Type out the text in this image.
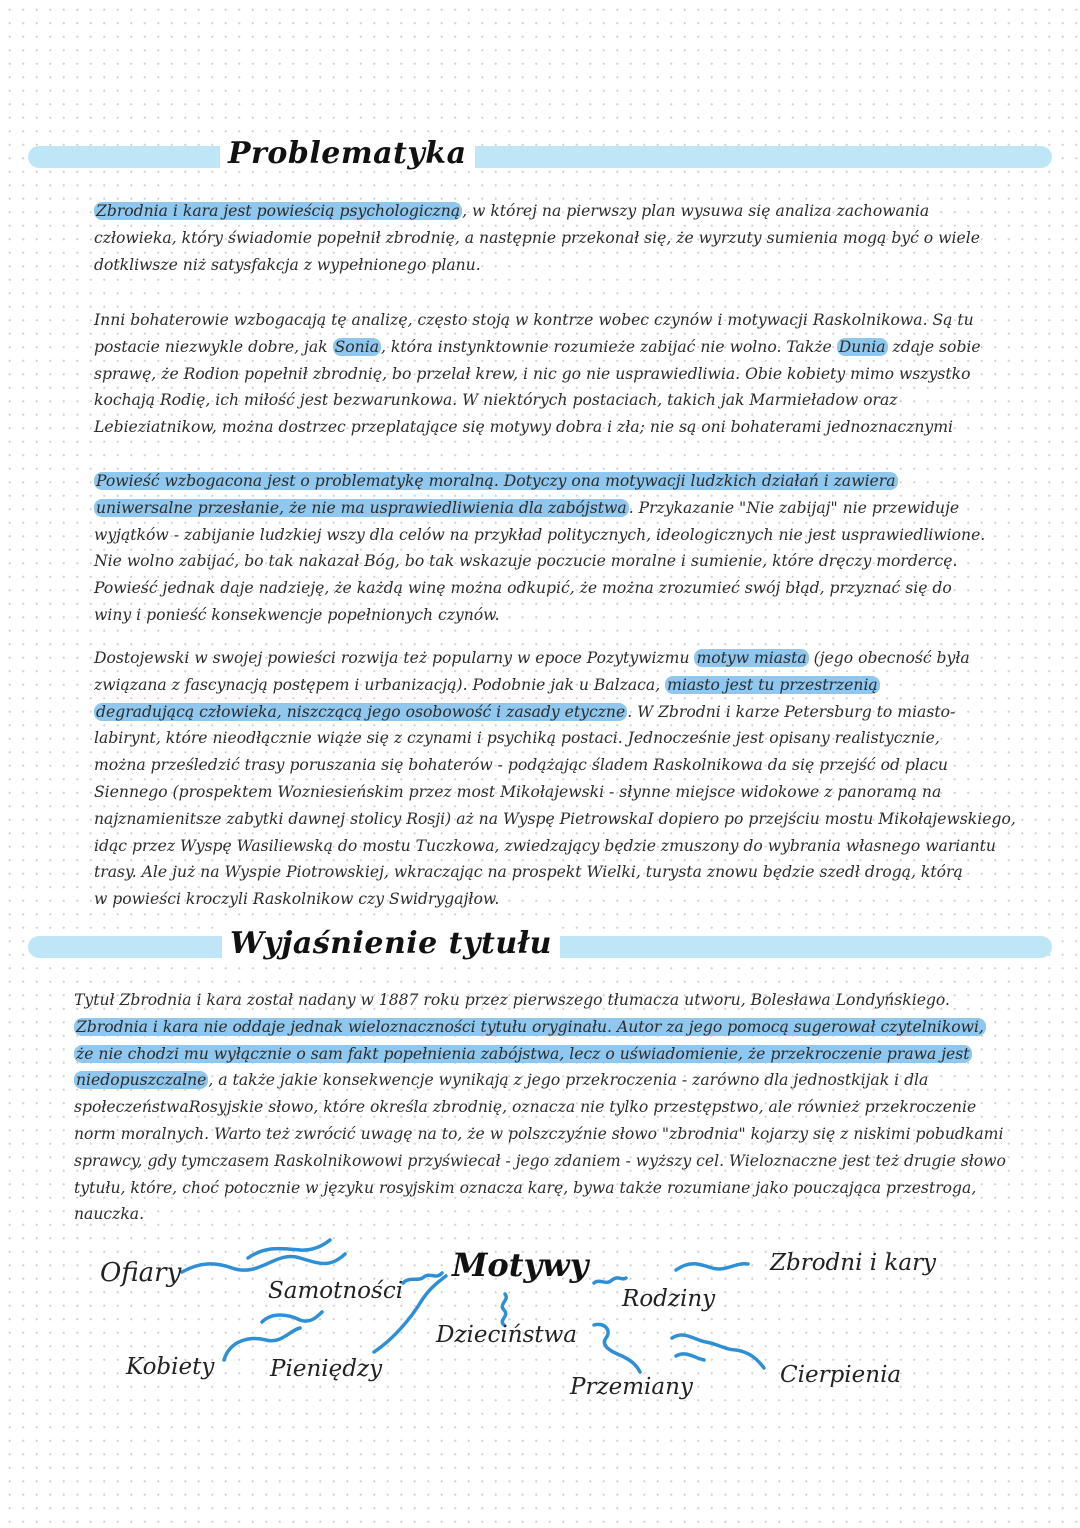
Problematyka

Zbrodnia i kara jest powieścią psychologiczną , w której na pierwszy plan wysuwa się analiza zachowania
człowieka, który świadomie popełnił zbrodnię, a następnie przekonał się, że wyrzuty sumienia mogą być o wiele
dotkliwsze niż satysfakcja z wypełnionego planu.

Inni bohaterowie wzbogacają tę analizę, często stoją w kontrze wobec czynów i motywacji Raskolnikowa. Są tu
postacie niezwykle dobre, jak Sonia , która instynktownie rozumieże zabijać nie wolno. Także Dunia zdaje sobie
sprawę, że Rodion popełnił zbrodnię, bo przelał krew, i nic go nie usprawiedliwia. Obie kobiety mimo wszystko
kochają Rodię, ich miłość jest bezwarunkowa. W niektórych postaciach, takich jak Marmieładow oraz
Lebieziatnikow, można dostrzec przeplatające się motywy dobra i zła; nie są oni bohaterami jednoznacznymi

Powieść wzbogacona jest o problematykę moralną. Dotyczy ona motywacji ludzkich działań i zawiera
uniwersalne przesłanie, że nie ma usprawiedliwienia dla zabójstwa . Przykazanie "Nie zabijaj" nie przewiduje
wyjątków - zabijanie ludzkiej wszy dla celów na przykład politycznych, ideologicznych nie jest usprawiedliwione.
Nie wolno zabijać, bo tak nakazał Bóg, bo tak wskazuje poczucie moralne i sumienie, które dręczy mordercę.
Powieść jednak daje nadzieję, że każdą winę można odkupić, że można zrozumieć swój błąd, przyznać się do
winy i ponieść konsekwencje popełnionych czynów.

Dostojewski w swojej powieści rozwija też popularny w epoce Pozytywizmu motyw miasta (jego obecność była
związana z fascynacją postępem i urbanizacją). Podobnie jak u Balzaca, miasto jest tu przestrzenią
degradującą człowieka, niszczącą jego osobowość i zasady etyczne . W Zbrodni i karze Petersburg to miasto-
labirynt, które nieodłącznie wiąże się z czynami i psychiką postaci. Jednocześnie jest opisany realistycznie,
można prześledzić trasy poruszania się bohaterów - podążając śladem Raskolnikowa da się przejść od placu
Siennego (prospektem Wozniesieńskim przez most Mikołajewski - słynne miejsce widokowe z panoramą na
najznamienitsze zabytki dawnej stolicy Rosji) aż na Wyspę PietrowskaI dopiero po przejściu mostu Mikołajewskiego,
idąc przez Wyspę Wasiliewską do mostu Tuczkowa, zwiedzający będzie zmuszony do wybrania własnego wariantu
trasy. Ale już na Wyspie Piotrowskiej, wkraczając na prospekt Wielki, turysta znowu będzie szedł drogą, którą
w powieści kroczyli Raskolnikow czy Swidrygajłow.

Wyjaśnienie tytułu

Tytuł Zbrodnia i kara został nadany w 1887 roku przez pierwszego tłumacza utworu, Bolesława Londyńskiego.
Zbrodnia i kara nie oddaje jednak wieloznaczności tytułu oryginału. Autor za jego pomocą sugerował czytelnikowi,
że nie chodzi mu wyłącznie o sam fakt popełnienia zabójstwa, lecz o uświadomienie, że przekroczenie prawa jest
niedopuszczalne , a także jakie konsekwencje wynikają z jego przekroczenia - zarówno dla jednostkijak i dla
społeczeństwaRosyjskie słowo, które określa zbrodnię, oznacza nie tylko przestępstwo, ale również przekroczenie
norm moralnych. Warto też zwrócić uwagę na to, że w polszczyźnie słowo "zbrodnia" kojarzy się z niskimi pobudkami
sprawcy, gdy tymczasem Raskolnikowowi przyświecał - jego zdaniem - wyższy cel. Wieloznaczne jest też drugie słowo
tytułu, które, choć potocznie w języku rosyjskim oznacza karę, bywa także rozumiane jako pouczająca przestroga,
nauczka.

Ofiary
Samotności
Motywy	Zbrodni i kary
Rodziny
Dzieciństwa
Kobiety Pieniędzy
Przemiany	Cierpienia
